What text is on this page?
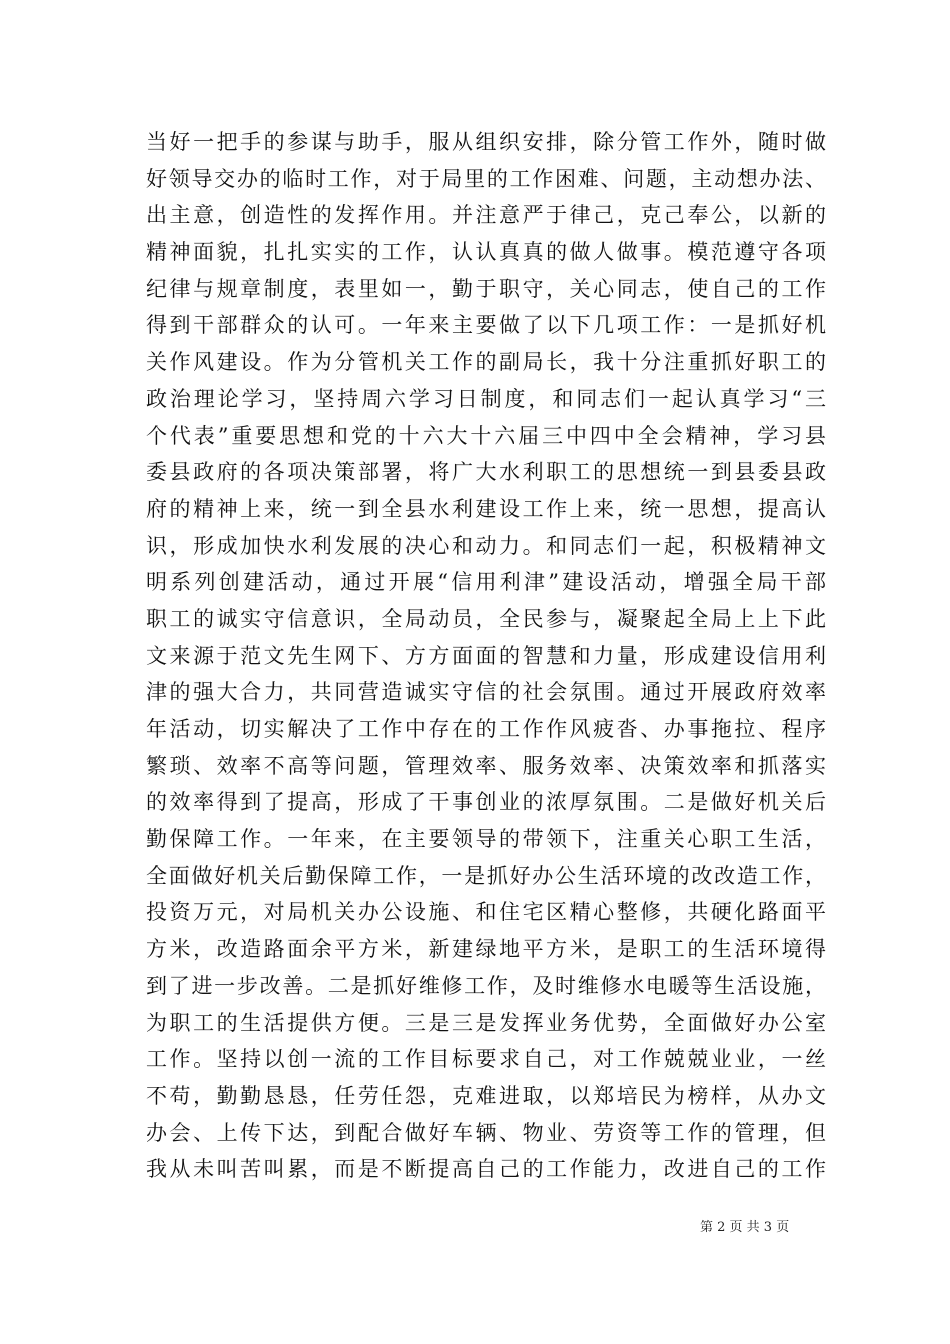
当好一把手的参谋与助手，服从组织安排，除分管工作外，随时做
好领导交办的临时工作，对于局里的工作困难、问题，主动想办法、
出主意，创造性的发挥作用。并注意严于律己，克己奉公，以新的
精神面貌，扎扎实实的工作，认认真真的做人做事。模范遵守各项
纪律与规章制度，表里如一，勤于职守，关心同志，使自己的工作
得到干部群众的认可。一年来主要做了以下几项工作：一是抓好机
关作风建设。作为分管机关工作的副局长，我十分注重抓好职工的
政治理论学习，坚持周六学习日制度，和同志们一起认真学习“三
个代表”重要思想和党的十六大十六届三中四中全会精神，学习县
委县政府的各项决策部署，将广大水利职工的思想统一到县委县政
府的精神上来，统一到全县水利建设工作上来，统一思想，提高认
识，形成加快水利发展的决心和动力。和同志们一起，积极精神文
明系列创建活动，通过开展“信用利津”建设活动，增强全局干部
职工的诚实守信意识，全局动员，全民参与，凝聚起全局上上下此
文来源于范文先生网下、方方面面的智慧和力量，形成建设信用利
津的强大合力，共同营造诚实守信的社会氛围。通过开展政府效率
年活动，切实解决了工作中存在的工作作风疲沓、办事拖拉、程序
繁琐、效率不高等问题，管理效率、服务效率、决策效率和抓落实
的效率得到了提高，形成了干事创业的浓厚氛围。二是做好机关后
勤保障工作。一年来，在主要领导的带领下，注重关心职工生活，
全面做好机关后勤保障工作，一是抓好办公生活环境的改改造工作，
投资万元，对局机关办公设施、和住宅区精心整修，共硬化路面平
方米，改造路面余平方米，新建绿地平方米，是职工的生活环境得
到了进一步改善。二是抓好维修工作，及时维修水电暖等生活设施，
为职工的生活提供方便。三是三是发挥业务优势，全面做好办公室
工作。坚持以创一流的工作目标要求自己，对工作兢兢业业，一丝
不苟，勤勤恳恳，任劳任怨，克难进取，以郑培民为榜样，从办文
办会、上传下达，到配合做好车辆、物业、劳资等工作的管理，但
我从未叫苦叫累，而是不断提高自己的工作能力，改进自己的工作
第 2 页 共 3 页
